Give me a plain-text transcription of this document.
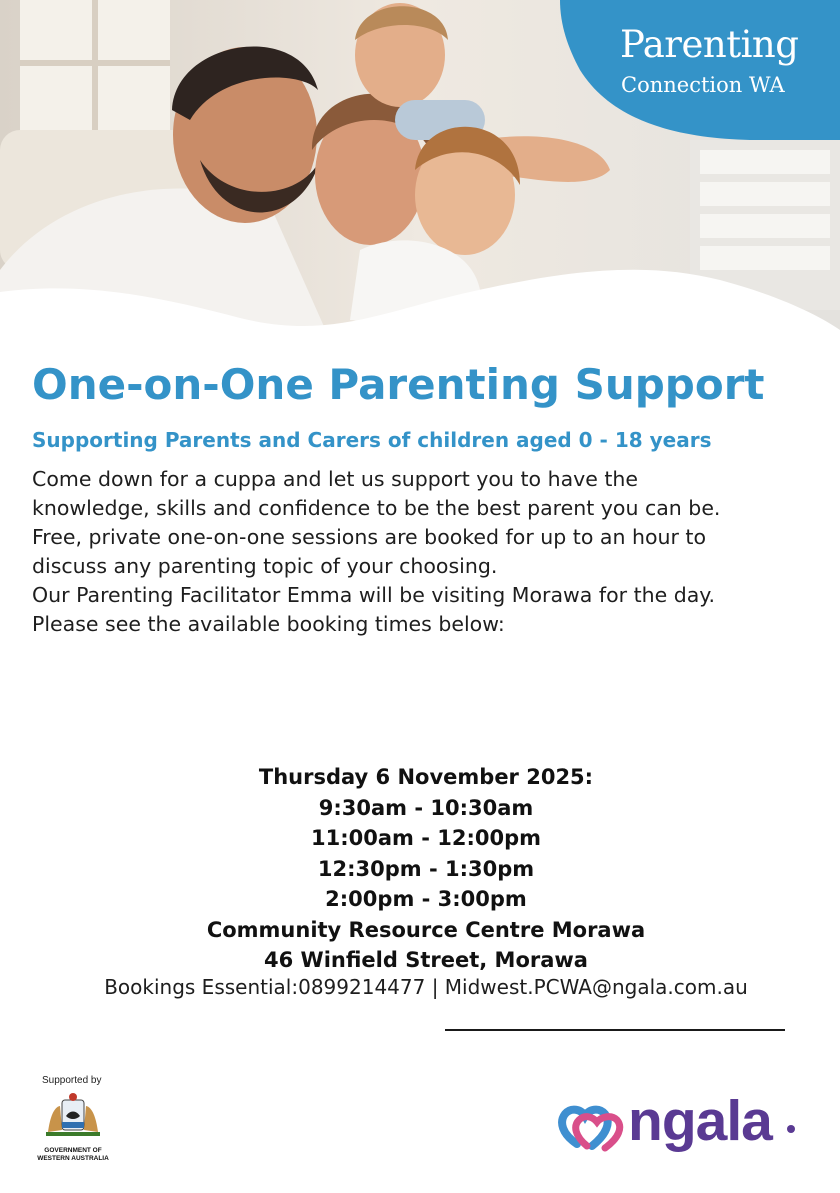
Parenting
Connection WA
One-on-One Parenting Support
Supporting Parents and Carers of children aged 0 - 18 years

Come down for a cuppa and let us support you to have the

knowledge, skills and confidence to be the best parent you can be.

Free, private one-on-one sessions are booked for up to an hour to

discuss any parenting topic of your choosing.

Our Parenting Facilitator Emma will be visiting Morawa for the day.

Please see the available booking times below:

Thursday 6 November 2025:
9:30am - 10:30am
11:00am - 12:00pm
12:30pm - 1:30pm
2:00pm - 3:00pm
Community Resource Centre Morawa
46 Winfield Street, Morawa
Bookings Essential:0899214477 | Midwest.PCWA@ngala.com.au
Supported by
GOVERNMENT OF
WESTERN AUSTRALIA
ngala
